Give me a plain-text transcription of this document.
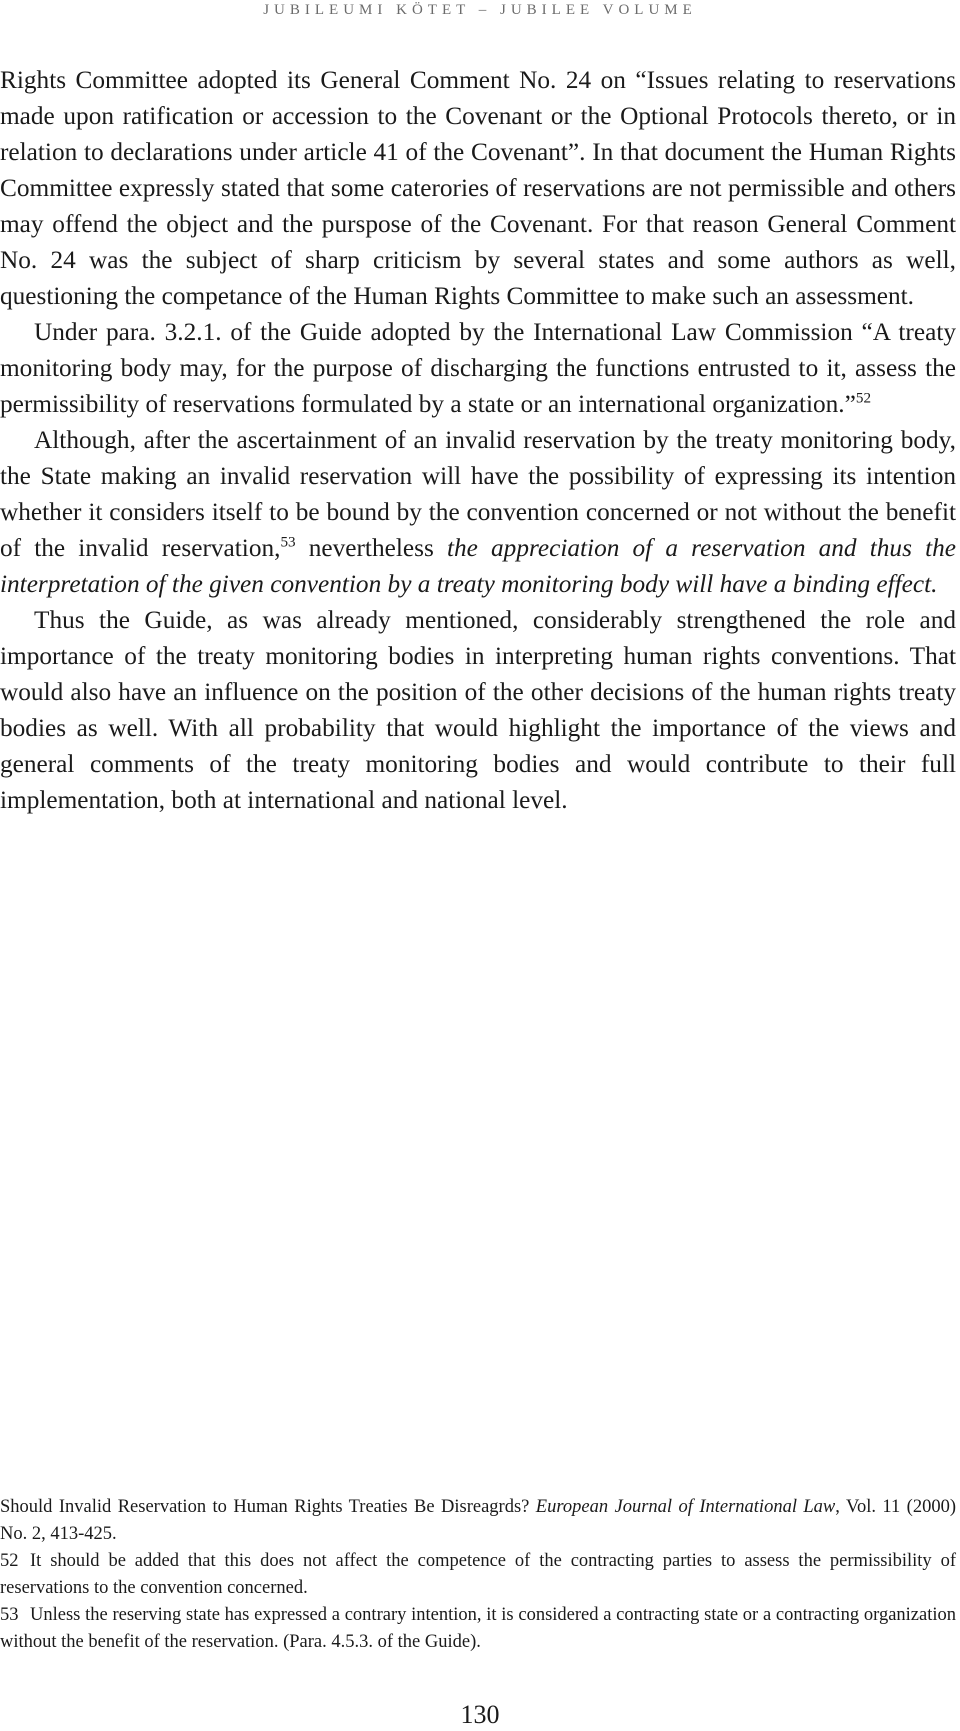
JUBILEUMI KÖTET – JUBILEE VOLUME

Rights Committee adopted its General Comment No. 24 on “Issues relating to reservations made upon ratification or accession to the Covenant or the Optional Protocols thereto, or in relation to declarations under article 41 of the Covenant”. In that document the Human Rights Committee expressly stated that some caterories of reservations are not permissible and others may offend the object and the purspose of the Covenant. For that reason General Comment No. 24 was the subject of sharp criticism by several states and some authors as well, questioning the competance of the Human Rights Committee to make such an assessment.

Under para. 3.2.1. of the Guide adopted by the International Law Commission “A treaty monitoring body may, for the purpose of discharging the functions entrusted to it, assess the permissibility of reservations formulated by a state or an international organization.”$^{52}$

Although, after the ascertainment of an invalid reservation by the treaty monitoring body, the State making an invalid reservation will have the possibility of expressing its intention whether it considers itself to be bound by the convention concerned or not without the benefit of the invalid reservation,$^{53}$ nevertheless the appreciation of a reservation and thus the interpretation of the given convention by a treaty monitoring body will have a binding effect.

Thus the Guide, as was already mentioned, considerably strengthened the role and importance of the treaty monitoring bodies in interpreting human rights conventions. That would also have an influence on the position of the other decisions of the human rights treaty bodies as well. With all probability that would highlight the importance of the views and general comments of the treaty monitoring bodies and would contribute to their full implementation, both at international and national level.

Should Invalid Reservation to Human Rights Treaties Be Disreagrds? European Journal of International Law, Vol. 11 (2000) No. 2, 413-425.

52 It should be added that this does not affect the competence of the contracting parties to assess the permissibility of reservations to the convention concerned.

53 Unless the reserving state has expressed a contrary intention, it is considered a contracting state or a contracting organization without the benefit of the reservation. (Para. 4.5.3. of the Guide).

130
